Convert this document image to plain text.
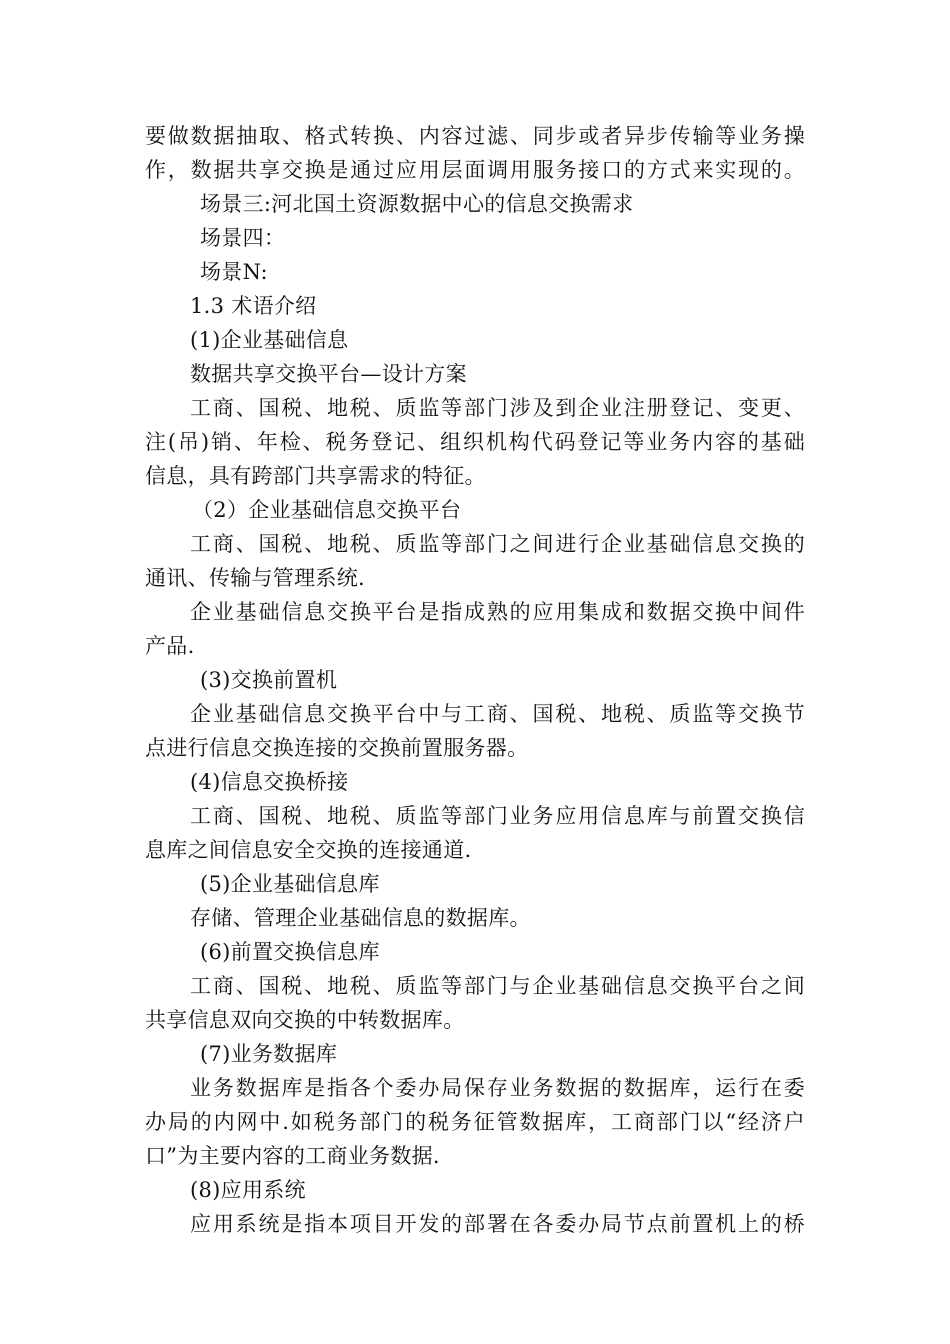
要做数据抽取、格式转换、内容过滤、同步或者异步传输等业务操
作，数据共享交换是通过应用层面调用服务接口的方式来实现的。
场景三:河北国土资源数据中心的信息交换需求
场景四：
场景N:
1.3 术语介绍
(1)企业基础信息
数据共享交换平台—设计方案
工商、国税、地税、质监等部门涉及到企业注册登记、变更、
注(吊)销、年检、税务登记、组织机构代码登记等业务内容的基础
信息，具有跨部门共享需求的特征。
（2）企业基础信息交换平台
工商、国税、地税、质监等部门之间进行企业基础信息交换的
通讯、传输与管理系统.
企业基础信息交换平台是指成熟的应用集成和数据交换中间件
产品.
(3)交换前置机
企业基础信息交换平台中与工商、国税、地税、质监等交换节
点进行信息交换连接的交换前置服务器。
(4)信息交换桥接
工商、国税、地税、质监等部门业务应用信息库与前置交换信
息库之间信息安全交换的连接通道.
(5)企业基础信息库
存储、管理企业基础信息的数据库。
(6)前置交换信息库
工商、国税、地税、质监等部门与企业基础信息交换平台之间
共享信息双向交换的中转数据库。
(7)业务数据库
业务数据库是指各个委办局保存业务数据的数据库，运行在委
办局的内网中.如税务部门的税务征管数据库，工商部门以“经济户
口”为主要内容的工商业务数据.
(8)应用系统
应用系统是指本项目开发的部署在各委办局节点前置机上的桥
